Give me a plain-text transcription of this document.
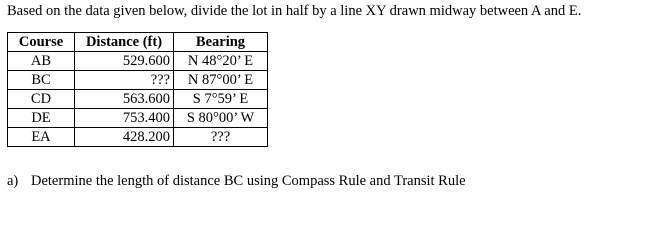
Based on the data given below, divide the lot in half by a line XY drawn midway between A and E.
Course	Distance (ft)	Bearing
AB	529.600	N 48°20’ E
BC	???	N 87°00’ E
CD	563.600	S 7°59’ E
DE	753.400	S 80°00’ W
EA	428.200	???
a) Determine the length of distance BC using Compass Rule and Transit Rule
